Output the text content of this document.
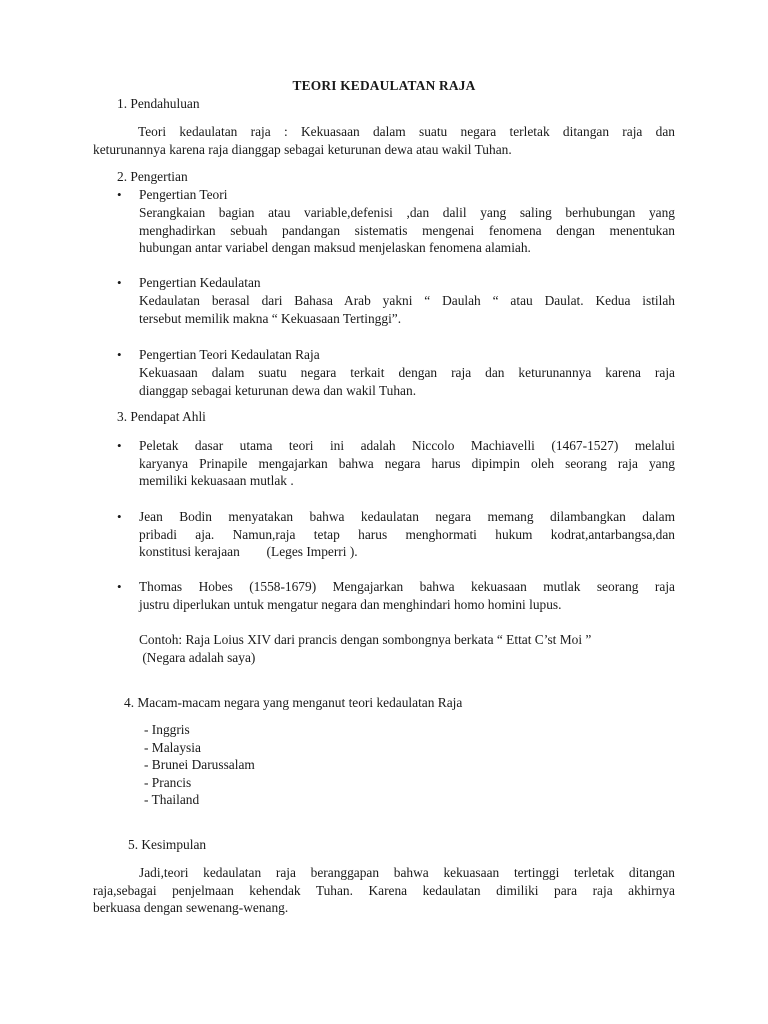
TEORI KEDAULATAN RAJA
1. Pendahuluan
Teori kedaulatan raja : Kekuasaan dalam suatu negara terletak ditangan raja dan
keturunannya karena raja dianggap sebagai keturunan dewa atau wakil Tuhan.
2. Pengertian
• Pengertian Teori
Serangkaian bagian atau variable,defenisi ,dan dalil yang saling berhubungan yang
menghadirkan sebuah pandangan sistematis mengenai fenomena dengan menentukan
hubungan antar variabel dengan maksud menjelaskan fenomena alamiah.
• Pengertian Kedaulatan
Kedaulatan berasal dari Bahasa Arab yakni “ Daulah “ atau Daulat. Kedua istilah
tersebut memilik makna “ Kekuasaan Tertinggi”.
• Pengertian Teori Kedaulatan Raja
Kekuasaan dalam suatu negara terkait dengan raja dan keturunannya karena raja
dianggap sebagai keturunan dewa dan wakil Tuhan.
3. Pendapat Ahli
• Peletak dasar utama teori ini adalah Niccolo Machiavelli (1467-1527) melalui
karyanya Prinapile mengajarkan bahwa negara harus dipimpin oleh seorang raja yang
memiliki kekuasaan mutlak .
• Jean Bodin menyatakan bahwa kedaulatan negara memang dilambangkan dalam
pribadi aja. Namun,raja tetap harus menghormati hukum kodrat,antarbangsa,dan
konstitusi kerajaan        (Leges Imperri ).
• Thomas Hobes (1558-1679) Mengajarkan bahwa kekuasaan mutlak seorang raja
justru diperlukan untuk mengatur negara dan menghindari homo homini lupus.
Contoh: Raja Loius XIV dari prancis dengan sombongnya berkata “ Ettat C’st Moi ”
(Negara adalah saya)
4. Macam-macam negara yang menganut teori kedaulatan Raja
- Inggris
- Malaysia
- Brunei Darussalam
- Prancis
- Thailand
5. Kesimpulan
Jadi,teori kedaulatan raja beranggapan bahwa kekuasaan tertinggi terletak ditangan
raja,sebagai penjelmaan kehendak Tuhan. Karena kedaulatan dimiliki para raja akhirnya
berkuasa dengan sewenang-wenang.
